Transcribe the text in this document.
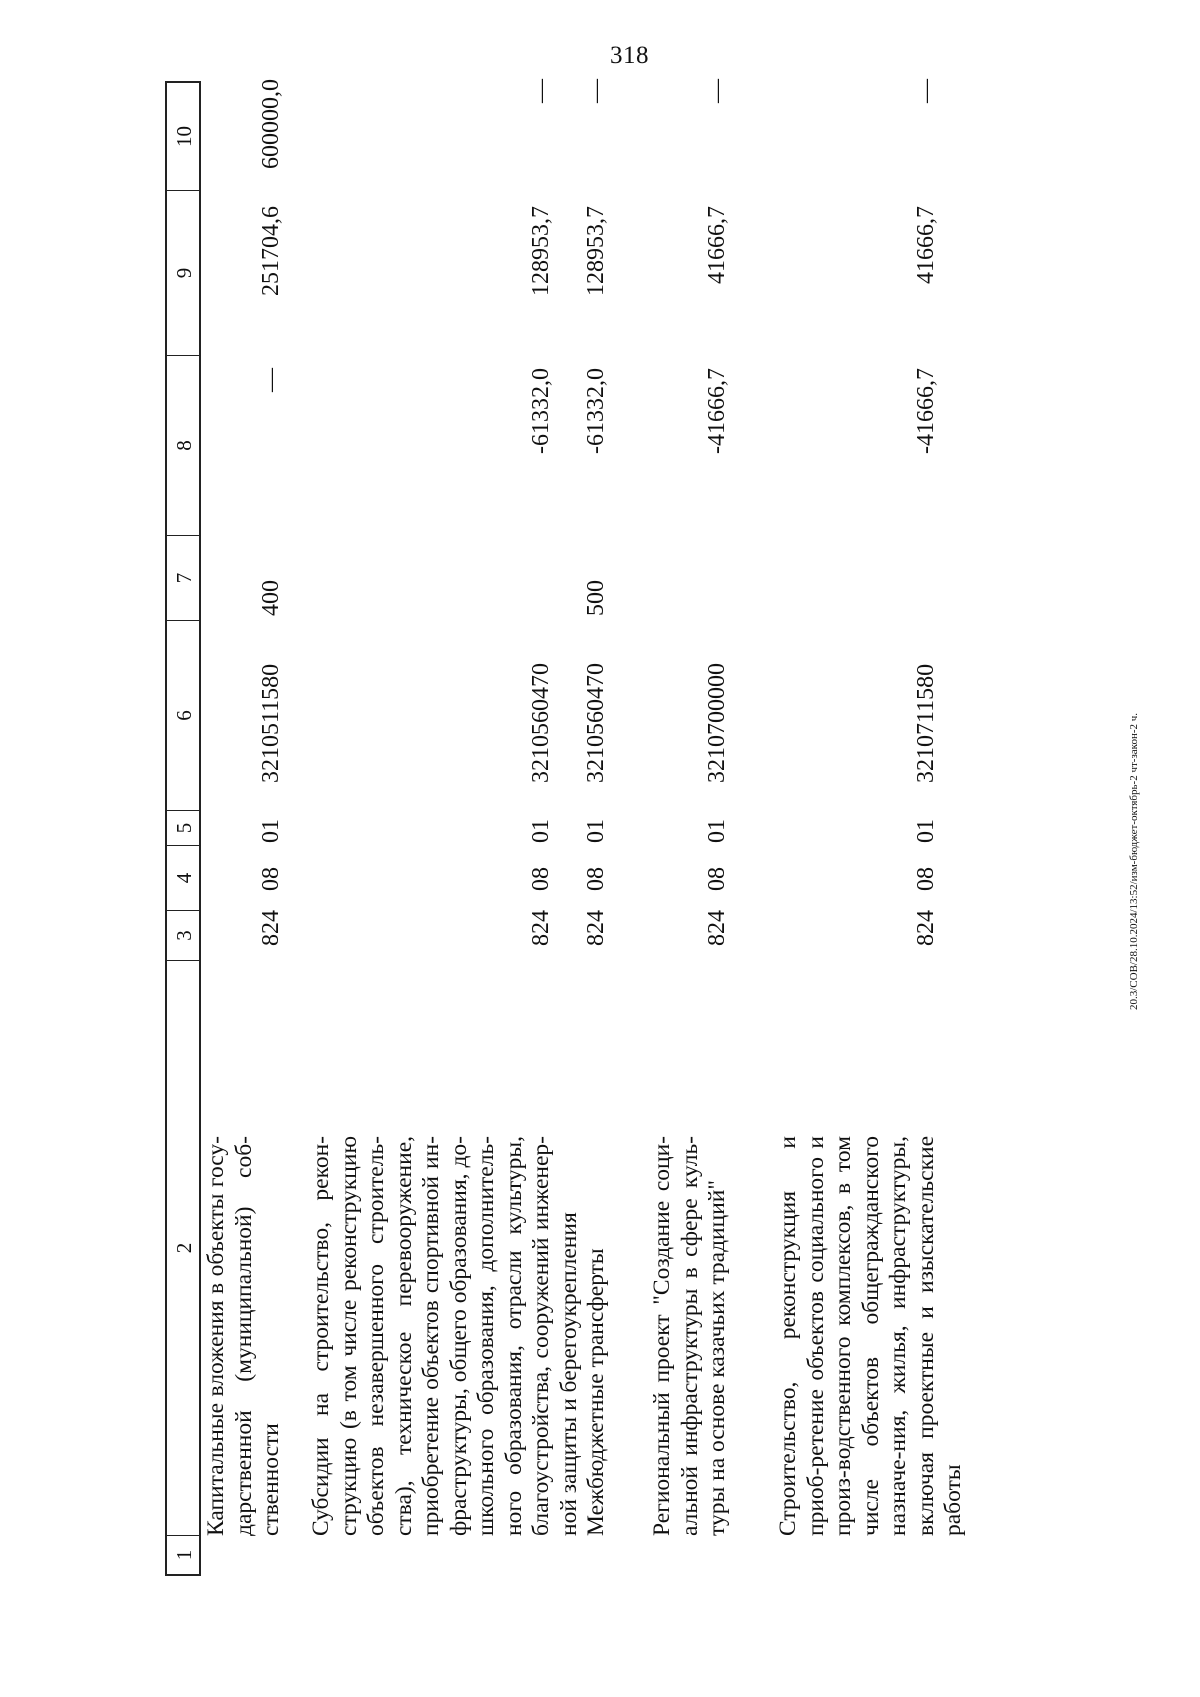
318
20.3/СОВ/28.10.2024/13:52/изм-бюджет-октябрь-2 чт-закон-2 ч.
1
2
3
4
5
6
7
8
9
10
Капитальные вложения в объекты госу-дарственной (муниципальной) соб-ственности
824
08
01
3210511580
400
—
251704,6
600000,0
Субсидии на строительство, рекон-струкцию (в том числе реконструкцию объектов незавершенного строитель-ства), техническое перевооружение, приобретение объектов спортивной ин-фраструктуры, общего образования, до-школьного образования, дополнитель-ного образования, отрасли культуры, благоустройства, сооружений инженер-ной защиты и берегоукрепления
824
08
01
3210560470
-61332,0
128953,7
—
Межбюджетные трансферты
824
08
01
3210560470
500
-61332,0
128953,7
—
Региональный проект "Создание соци-альной инфраструктуры в сфере куль-туры на основе казачьих традиций"
824
08
01
3210700000
-41666,7
41666,7
—
Строительство, реконструкция и приоб-ретение объектов социального и произ-водственного комплексов, в том числе объектов общегражданского назначе-ния, жилья, инфраструктуры, включая проектные и изыскательские работы
824
08
01
3210711580
-41666,7
41666,7
—
